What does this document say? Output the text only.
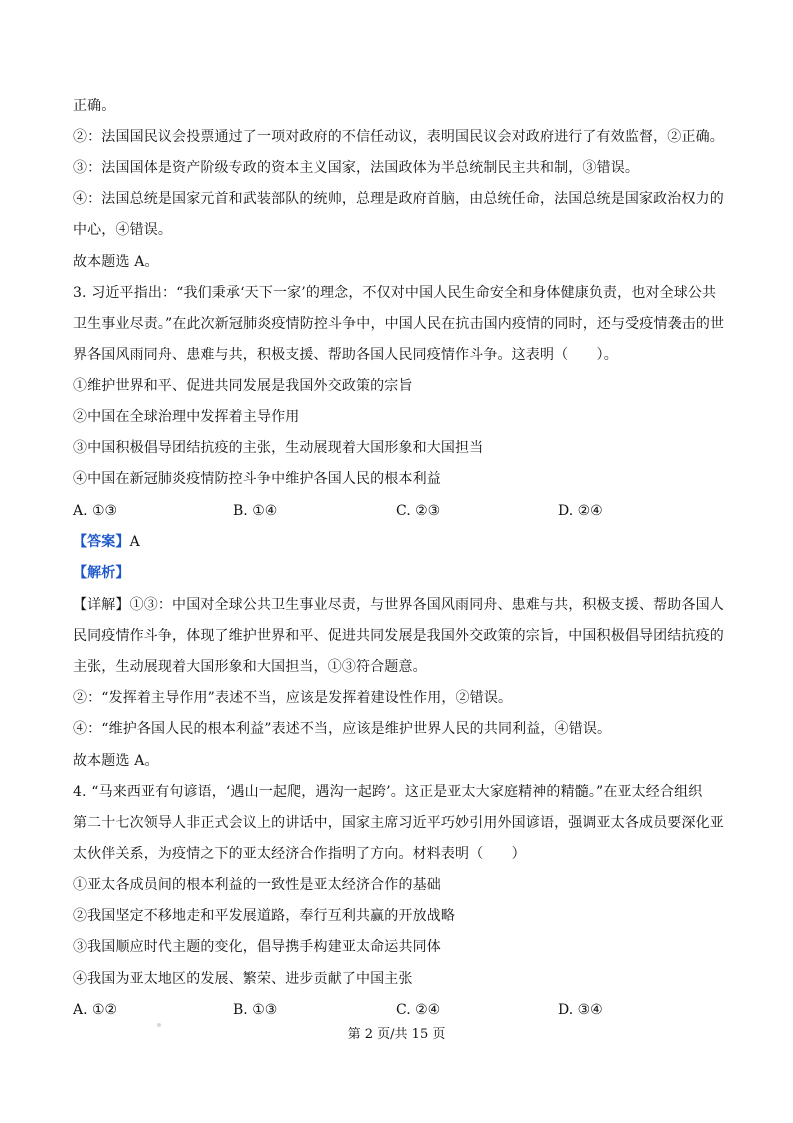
正确。
②：法国国民议会投票通过了一项对政府的不信任动议，表明国民议会对政府进行了有效监督，②正确。
③：法国国体是资产阶级专政的资本主义国家，法国政体为半总统制民主共和制，③错误。
④：法国总统是国家元首和武装部队的统帅，总理是政府首脑，由总统任命，法国总统是国家政治权力的
中心，④错误。
故本题选 A。
3. 习近平指出：“我们秉承‘天下一家’的理念，不仅对中国人民生命安全和身体健康负责，也对全球公共
卫生事业尽责。”在此次新冠肺炎疫情防控斗争中，中国人民在抗击国内疫情的同时，还与受疫情袭击的世
界各国风雨同舟、患难与共，积极支援、帮助各国人民同疫情作斗争。这表明（　　）。
①维护世界和平、促进共同发展是我国外交政策的宗旨
②中国在全球治理中发挥着主导作用
③中国积极倡导团结抗疫的主张，生动展现着大国形象和大国担当
④中国在新冠肺炎疫情防控斗争中维护各国人民的根本利益
A. ①③	B. ①④	C. ②③	D. ②④
【答案】A
【解析】
【详解】①③：中国对全球公共卫生事业尽责，与世界各国风雨同舟、患难与共，积极支援、帮助各国人
民同疫情作斗争，体现了维护世界和平、促进共同发展是我国外交政策的宗旨，中国积极倡导团结抗疫的
主张，生动展现着大国形象和大国担当，①③符合题意。
②：“发挥着主导作用”表述不当，应该是发挥着建设性作用，②错误。
④：“维护各国人民的根本利益”表述不当，应该是维护世界人民的共同利益，④错误。
故本题选 A。
4. “马来西亚有句谚语，‘遇山一起爬，遇沟一起跨’。这正是亚太大家庭精神的精髓。”在亚太经合组织
第二十七次领导人非正式会议上的讲话中，国家主席习近平巧妙引用外国谚语，强调亚太各成员要深化亚
太伙伴关系，为疫情之下的亚太经济合作指明了方向。材料表明（　　）
①亚太各成员间的根本利益的一致性是亚太经济合作的基础
②我国坚定不移地走和平发展道路，奉行互利共赢的开放战略
③我国顺应时代主题的变化，倡导携手构建亚太命运共同体
④我国为亚太地区的发展、繁荣、进步贡献了中国主张
A. ①②	B. ①③	C. ②④	D. ③④
第 2 页/共 15 页
